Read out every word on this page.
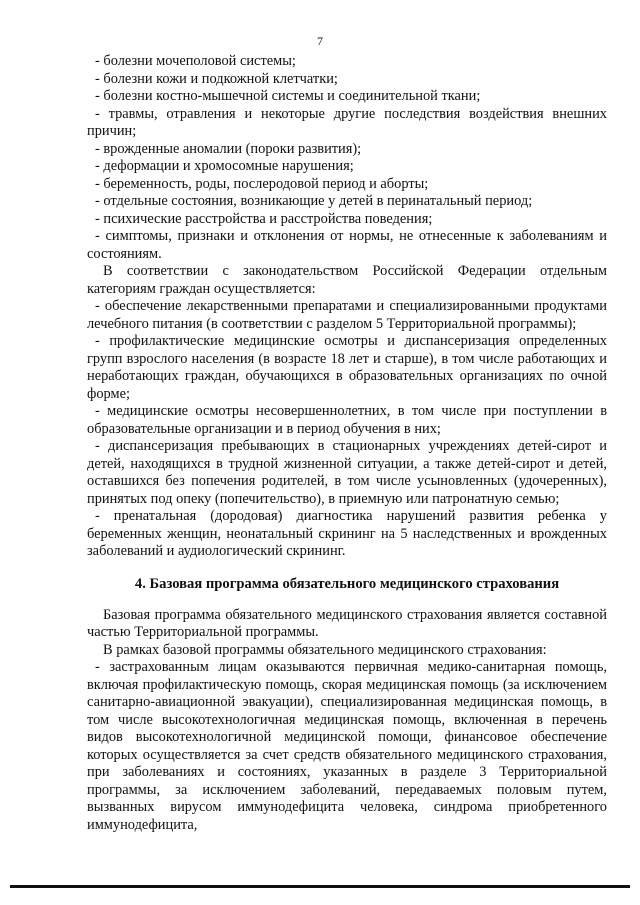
7

- болезни мочеполовой системы;

- болезни кожи и подкожной клетчатки;

- болезни костно-мышечной системы и соединительной ткани;

- травмы, отравления и некоторые другие последствия воздействия внешних причин;

- врожденные аномалии (пороки развития);

- деформации и хромосомные нарушения;

- беременность, роды, послеродовой период и аборты;

- отдельные состояния, возникающие у детей в перинатальный период;

- психические расстройства и расстройства поведения;

- симптомы, признаки и отклонения от нормы, не отнесенные к заболеваниям и состояниям.

В соответствии с законодательством Российской Федерации отдельным категориям граждан осуществляется:

- обеспечение лекарственными препаратами и специализированными продуктами лечебного питания (в соответствии с разделом 5 Территориальной программы);

- профилактические медицинские осмотры и диспансеризация определенных групп взрослого населения (в возрасте 18 лет и старше), в том числе работающих и неработающих граждан, обучающихся в образовательных организациях по очной форме;

- медицинские осмотры несовершеннолетних, в том числе при поступлении в образовательные организации и в период обучения в них;

- диспансеризация пребывающих в стационарных учреждениях детей-сирот и детей, находящихся в трудной жизненной ситуации, а также детей-сирот и детей, оставшихся без попечения родителей, в том числе усыновленных (удочеренных), принятых под опеку (попечительство), в приемную или патронатную семью;

- пренатальная (дородовая) диагностика нарушений развития ребенка у беременных женщин, неонатальный скрининг на 5 наследственных и врожденных заболеваний и аудиологический скрининг.

4. Базовая программа обязательного медицинского страхования

Базовая программа обязательного медицинского страхования является составной частью Территориальной программы.

В рамках базовой программы обязательного медицинского страхования:

- застрахованным лицам оказываются первичная медико-санитарная помощь, включая профилактическую помощь, скорая медицинская помощь (за исключением санитарно-авиационной эвакуации), специализированная медицинская помощь, в том числе высокотехнологичная медицинская помощь, включенная в перечень видов высокотехнологичной медицинской помощи, финансовое обеспечение которых осуществляется за счет средств обязательного медицинского страхования, при заболеваниях и состояниях, указанных в разделе 3 Территориальной программы, за исключением заболеваний, передаваемых половым путем, вызванных вирусом иммунодефицита человека, синдрома приобретенного иммунодефицита,
